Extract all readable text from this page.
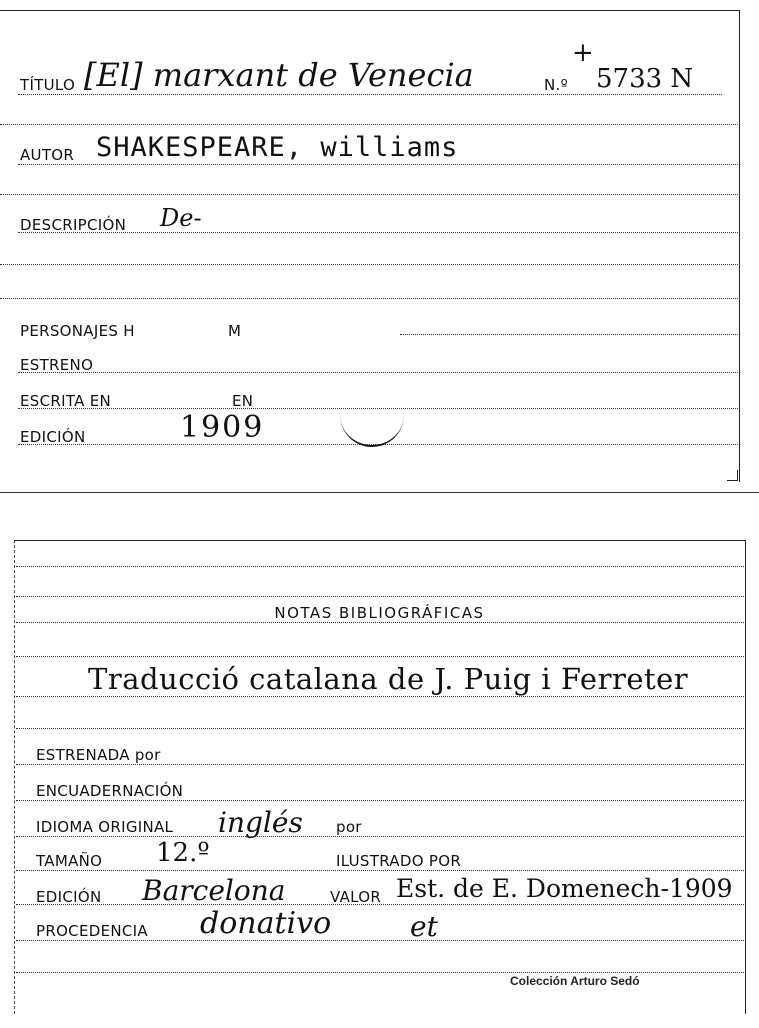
TÍTULO [El] marxant de Venecia	N.º
+
5733 N
AUTOR SHAKESPEARE, williams
DESCRIPCIÓN De-
PERSONAJES H	M
ESTRENO
ESCRITA EN	EN
EDICIÓN	1909
NOTAS BIBLIOGRÁFICAS
Traducció catalana de J. Puig i Ferreter
ESTRENADA por
ENCUADERNACIÓN
IDIOMA ORIGINAL inglés por
TAMAÑO 12.º	ILUSTRADO POR
EDICIÓN Barcelona	VALOR Est. de E. Domenech-1909
PROCEDENCIA donativo	et
Colección Arturo Sedó
